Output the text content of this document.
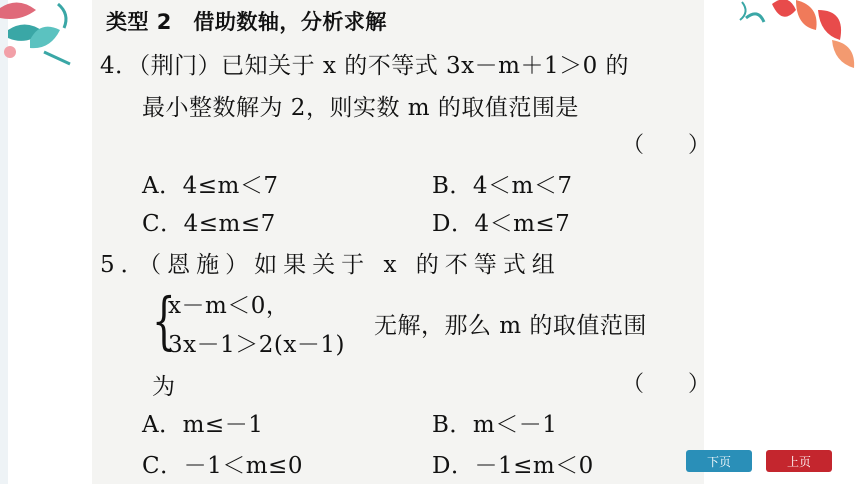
类型 2　借助数轴，分析求解
4．（荆门）已知关于 x 的不等式 3x－m＋1＞0 的
最小整数解为 2，则实数 m 的取值范围是
（　　）
A．4≤m＜7	B．4＜m＜7
C．4≤m≤7	D．4＜m≤7
5．（恩施）如果关于 x 的不等式组
{
x－m＜0，
3x－1＞2(x－1)
无解，那么 m 的取值范围
为	（　　）
A．m≤－1	B．m＜－1
C．－1＜m≤0	D．－1≤m＜0	下页	上页
